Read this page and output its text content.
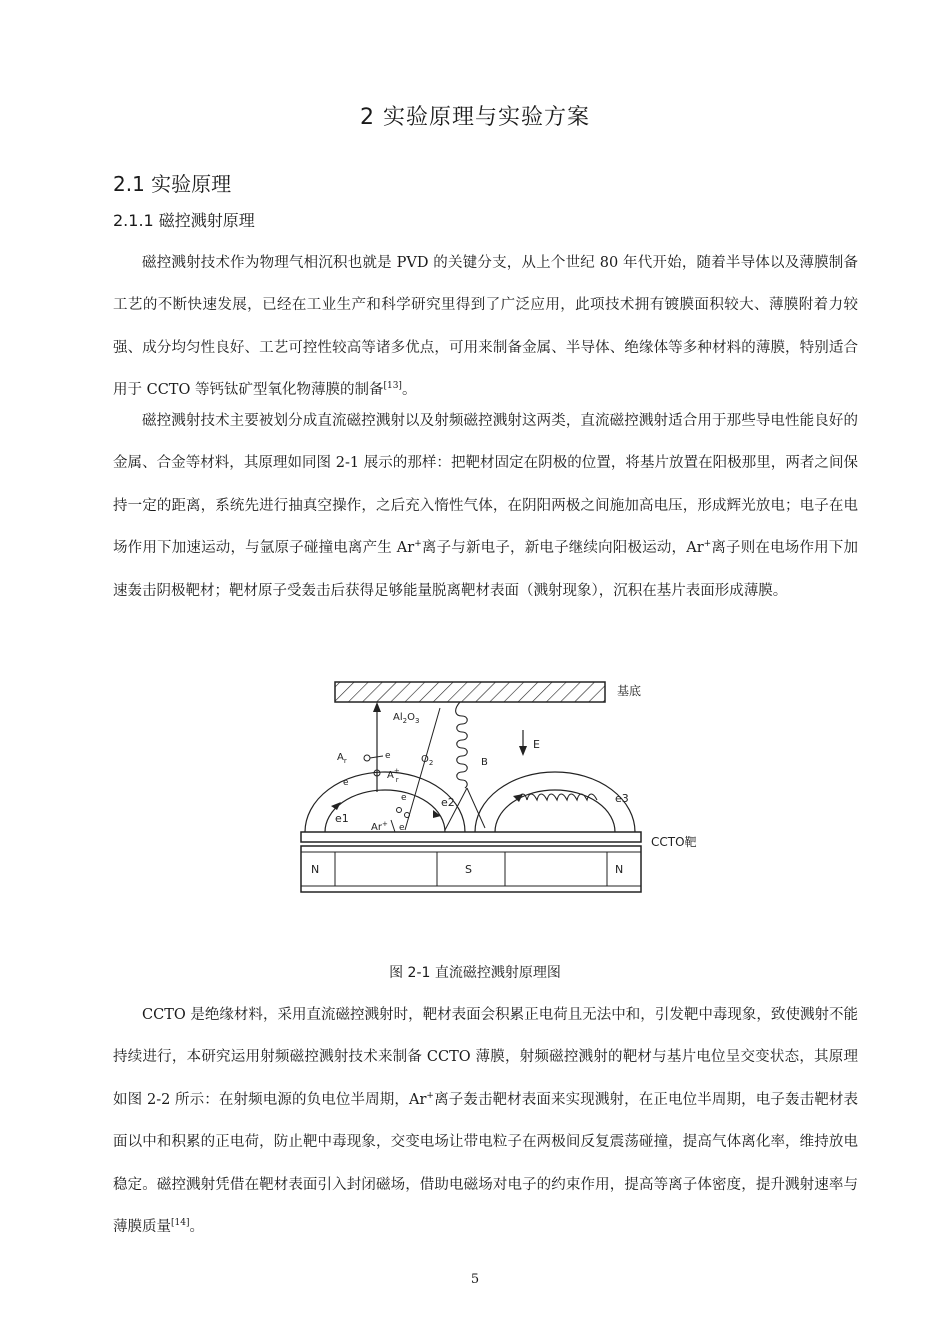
2 实验原理与实验方案
2.1 实验原理
2.1.1 磁控溅射原理
磁控溅射技术作为物理气相沉积也就是 PVD 的关键分支，从上个世纪 80 年代开始，随着半导体以及薄膜制备工艺的不断快速发展，已经在工业生产和科学研究里得到了广泛应用，此项技术拥有镀膜面积较大、薄膜附着力较强、成分均匀性良好、工艺可控性较高等诸多优点，可用来制备金属、半导体、绝缘体等多种材料的薄膜，特别适合用于 CCTO 等钙钛矿型氧化物薄膜的制备[13]。
磁控溅射技术主要被划分成直流磁控溅射以及射频磁控溅射这两类，直流磁控溅射适合用于那些导电性能良好的金属、合金等材料，其原理如同图 2-1 展示的那样：把靶材固定在阴极的位置，将基片放置在阳极那里，两者之间保持一定的距离，系统先进行抽真空操作，之后充入惰性气体，在阴阳两极之间施加高电压，形成辉光放电；电子在电场作用下加速运动，与氩原子碰撞电离产生 Ar+离子与新电子，新电子继续向阳极运动，Ar+离子则在电场作用下加速轰击阴极靶材；靶材原子受轰击后获得足够能量脱离靶材表面（溅射现象），沉积在基片表面形成薄膜。
基底
$Al_2O_3$
$O_2$	B
E
$A_r$	e
A+ r
e
e3
e2
e
e1
Ar+ e
CCTO靶
N	S	N
图 2-1 直流磁控溅射原理图
CCTO 是绝缘材料，采用直流磁控溅射时，靶材表面会积累正电荷且无法中和，引发靶中毒现象，致使溅射不能持续进行，本研究运用射频磁控溅射技术来制备 CCTO 薄膜，射频磁控溅射的靶材与基片电位呈交变状态，其原理如图 2-2 所示：在射频电源的负电位半周期，Ar+离子轰击靶材表面来实现溅射，在正电位半周期，电子轰击靶材表面以中和积累的正电荷，防止靶中毒现象，交变电场让带电粒子在两极间反复震荡碰撞，提高气体离化率，维持放电稳定。磁控溅射凭借在靶材表面引入封闭磁场，借助电磁场对电子的约束作用，提高等离子体密度，提升溅射速率与薄膜质量[14]。
5
